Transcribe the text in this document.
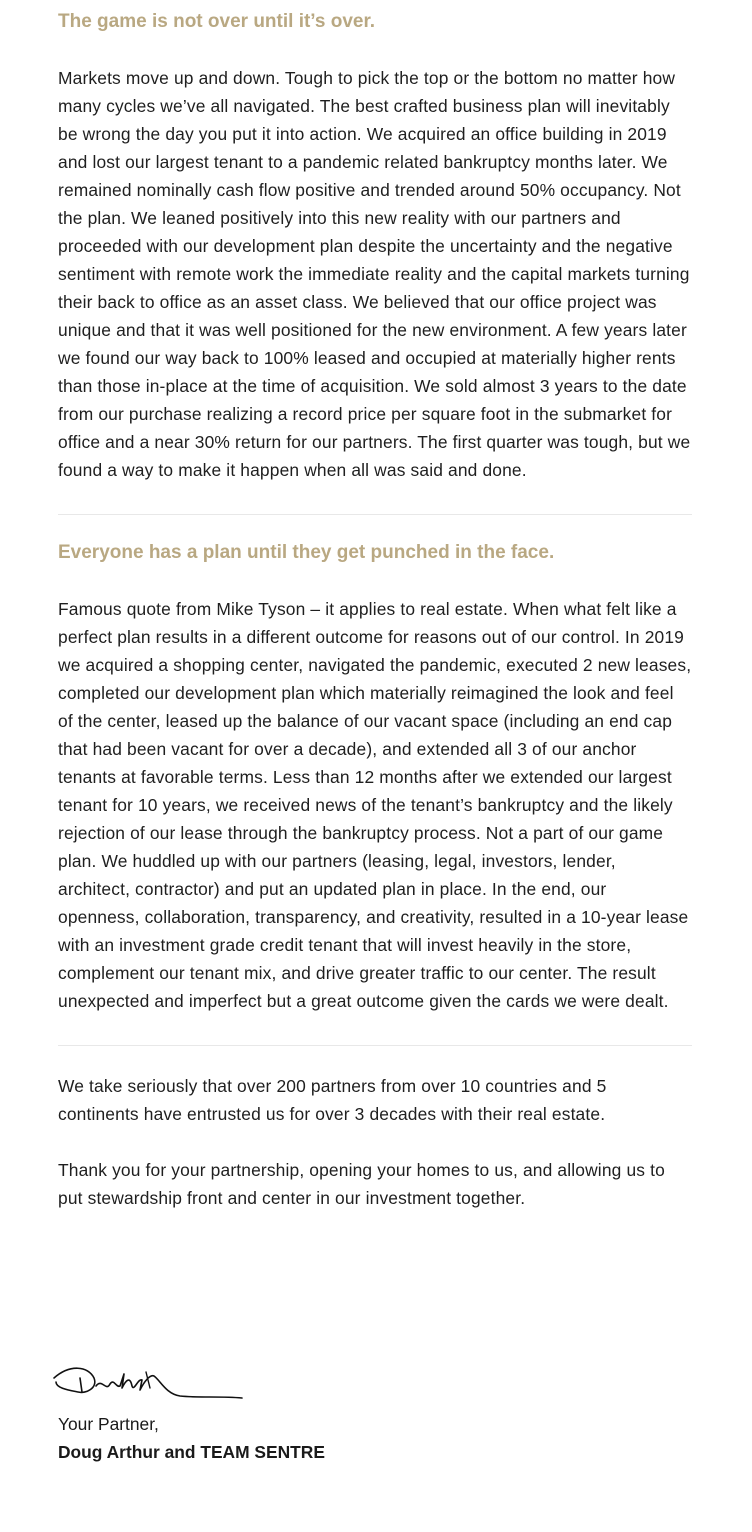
The game is not over until it’s over.

Markets move up and down. Tough to pick the top or the bottom no matter how many cycles we’ve all navigated. The best crafted business plan will inevitably be wrong the day you put it into action. We acquired an office building in 2019 and lost our largest tenant to a pandemic related bankruptcy months later. We remained nominally cash flow positive and trended around 50% occupancy. Not the plan. We leaned positively into this new reality with our partners and proceeded with our development plan despite the uncertainty and the negative sentiment with remote work the immediate reality and the capital markets turning their back to office as an asset class. We believed that our office project was unique and that it was well positioned for the new environment. A few years later we found our way back to 100% leased and occupied at materially higher rents than those in-place at the time of acquisition. We sold almost 3 years to the date from our purchase realizing a record price per square foot in the submarket for office and a near 30% return for our partners. The first quarter was tough, but we found a way to make it happen when all was said and done.

Everyone has a plan until they get punched in the face.

Famous quote from Mike Tyson – it applies to real estate. When what felt like a perfect plan results in a different outcome for reasons out of our control. In 2019 we acquired a shopping center, navigated the pandemic, executed 2 new leases, completed our development plan which materially reimagined the look and feel of the center, leased up the balance of our vacant space (including an end cap that had been vacant for over a decade), and extended all 3 of our anchor tenants at favorable terms. Less than 12 months after we extended our largest tenant for 10 years, we received news of the tenant’s bankruptcy and the likely rejection of our lease through the bankruptcy process. Not a part of our game plan. We huddled up with our partners (leasing, legal, investors, lender, architect, contractor) and put an updated plan in place. In the end, our openness, collaboration, transparency, and creativity, resulted in a 10-year lease with an investment grade credit tenant that will invest heavily in the store, complement our tenant mix, and drive greater traffic to our center. The result unexpected and imperfect but a great outcome given the cards we were dealt.

We take seriously that over 200 partners from over 10 countries and 5 continents have entrusted us for over 3 decades with their real estate.

Thank you for your partnership, opening your homes to us, and allowing us to put stewardship front and center in our investment together.

Your Partner,

Doug Arthur and TEAM SENTRE
